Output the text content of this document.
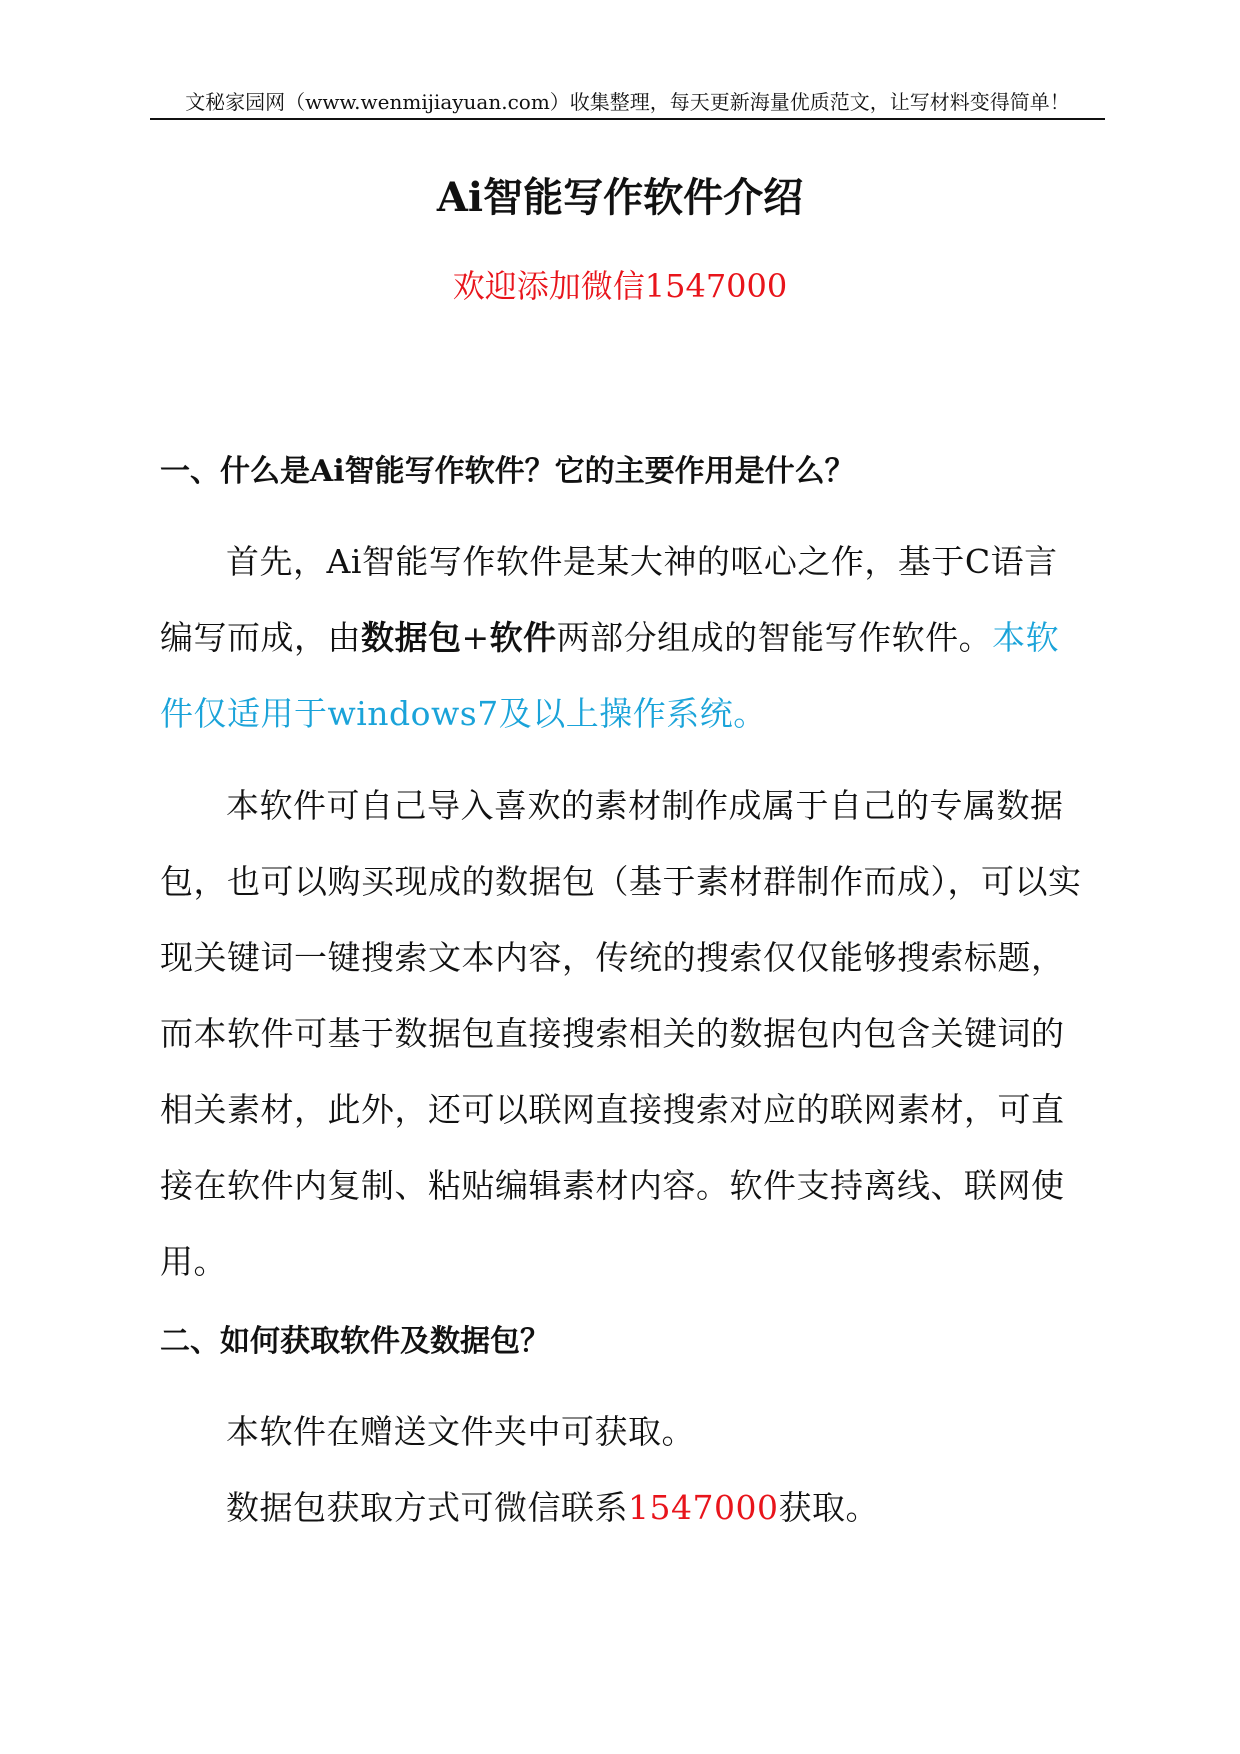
文秘家园网（www.wenmijiayuan.com）收集整理，每天更新海量优质范文，让写材料变得简单！
Ai智能写作软件介绍
欢迎添加微信1547000
一、什么是Ai智能写作软件？它的主要作用是什么？

首先，Ai智能写作软件是某大神的呕心之作，基于C语言编写而成，由数据包+软件两部分组成的智能写作软件。本软件仅适用于windows7及以上操作系统。

本软件可自己导入喜欢的素材制作成属于自己的专属数据包，也可以购买现成的数据包（基于素材群制作而成），可以实现关键词一键搜索文本内容，传统的搜索仅仅能够搜索标题，而本软件可基于数据包直接搜索相关的数据包内包含关键词的相关素材，此外，还可以联网直接搜索对应的联网素材，可直接在软件内复制、粘贴编辑素材内容。软件支持离线、联网使用。

二、如何获取软件及数据包？

本软件在赠送文件夹中可获取。

数据包获取方式可微信联系1547000获取。
